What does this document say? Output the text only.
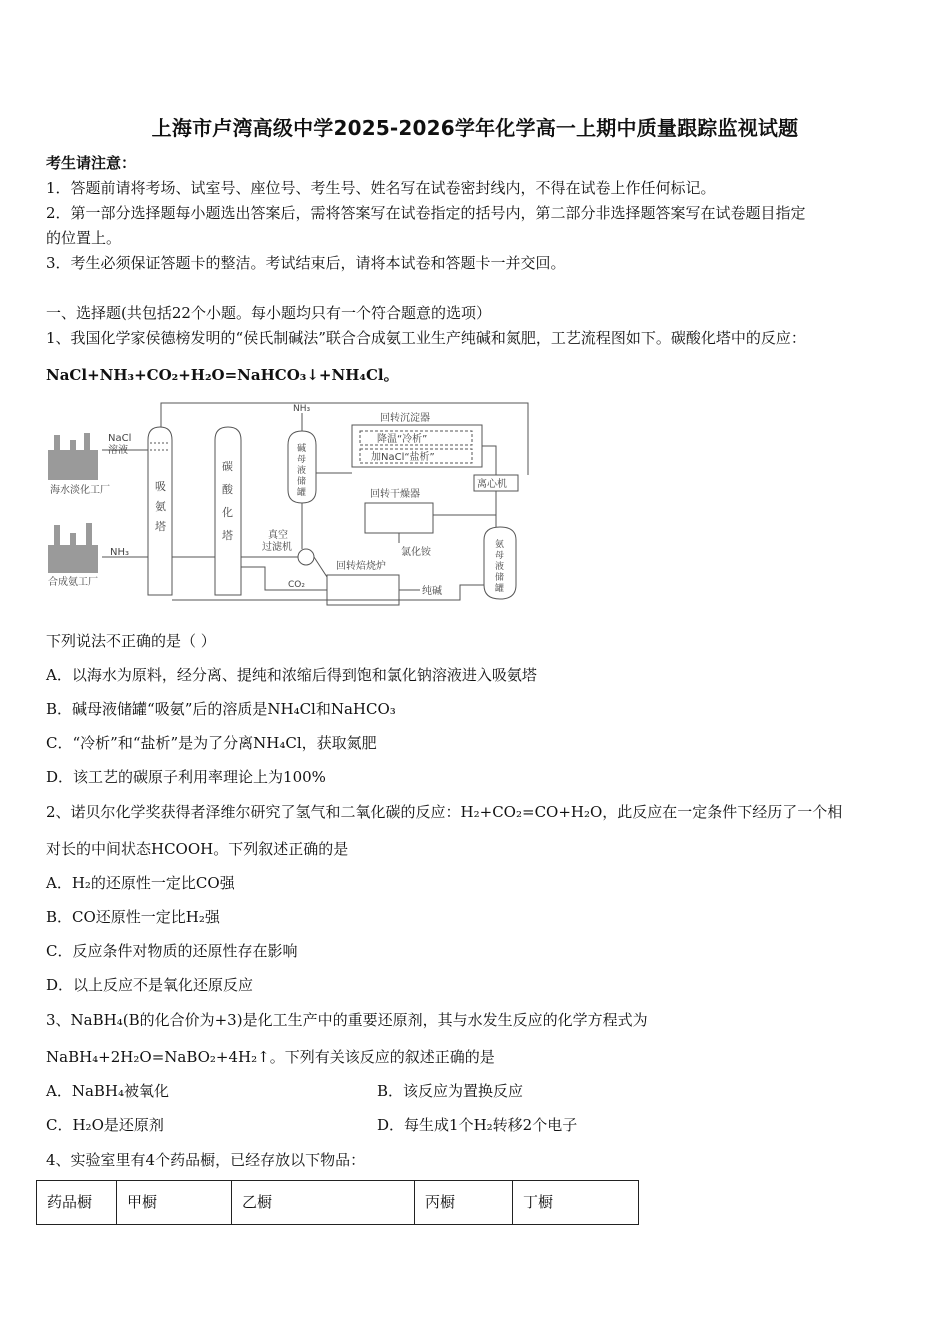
上海市卢湾高级中学2025-2026学年化学高一上期中质量跟踪监视试题
考生请注意：
1．答题前请将考场、试室号、座位号、考生号、姓名写在试卷密封线内，不得在试卷上作任何标记。
2．第一部分选择题每小题选出答案后，需将答案写在试卷指定的括号内，第二部分非选择题答案写在试卷题目指定
的位置上。
3．考生必须保证答题卡的整洁。考试结束后，请将本试卷和答题卡一并交回。
一、选择题(共包括22个小题。每小题均只有一个符合题意的选项）
1、我国化学家侯德榜发明的“侯氏制碱法”联合合成氨工业生产纯碱和氮肥，工艺流程图如下。碳酸化塔中的反应：
NaCl+NH₃+CO₂+H₂O=NaHCO₃↓+NH₄Cl。
海水淡化工厂
NaCl
溶液
合成氨工厂
NH₃
吸
氨
塔
碳
酸
化
塔
NH₃
碱
母
液
储
罐
真空
过滤机
CO₂
回转沉淀器
降温“冷析”
加NaCl“盐析”
离心机
回转干燥器
氯化铵
回转焙烧炉
纯碱
氨
母
液
储
罐
下列说法不正确的是（ ）
A．以海水为原料，经分离、提纯和浓缩后得到饱和氯化钠溶液进入吸氨塔
B．碱母液储罐“吸氨”后的溶质是NH₄Cl和NaHCO₃
C．“冷析”和“盐析”是为了分离NH₄Cl，获取氮肥
D．该工艺的碳原子利用率理论上为100%
2、诺贝尔化学奖获得者泽维尔研究了氢气和二氧化碳的反应：H₂+CO₂=CO+H₂O，此反应在一定条件下经历了一个相
对长的中间状态HCOOH。下列叙述正确的是
A．H₂的还原性一定比CO强
B．CO还原性一定比H₂强
C．反应条件对物质的还原性存在影响
D．以上反应不是氧化还原反应
3、NaBH₄(B的化合价为+3)是化工生产中的重要还原剂，其与水发生反应的化学方程式为
NaBH₄+2H₂O=NaBO₂+4H₂↑。下列有关该反应的叙述正确的是
A．NaBH₄被氧化	B．该反应为置换反应
C．H₂O是还原剂	D．每生成1个H₂转移2个电子
4、实验室里有4个药品橱，已经存放以下物品：
药品橱	甲橱	乙橱	丙橱	丁橱
